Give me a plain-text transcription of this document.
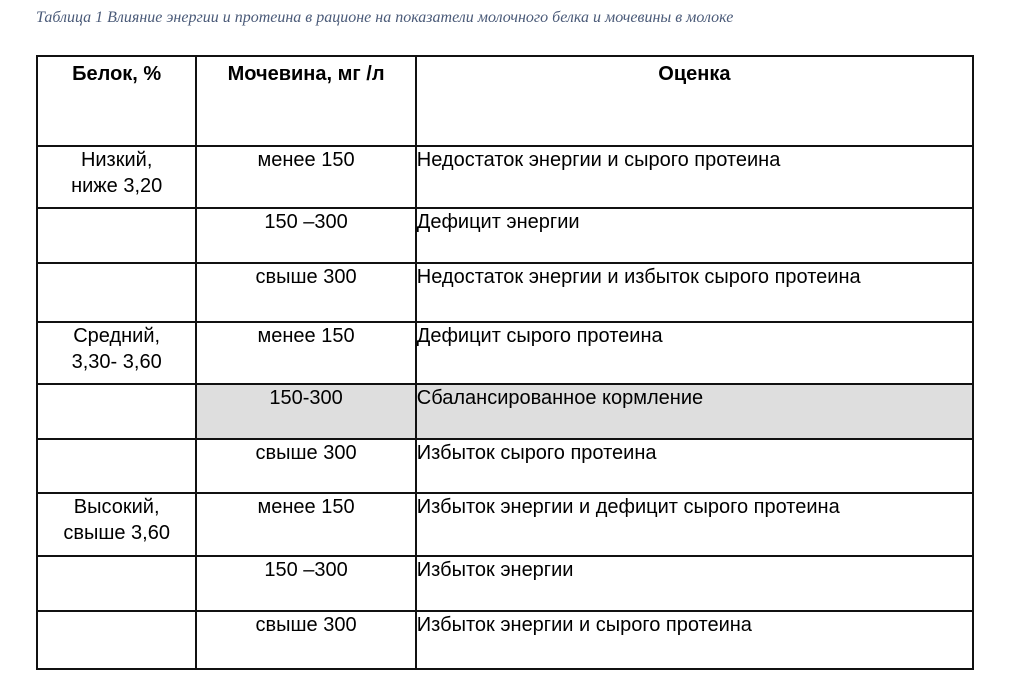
Таблица 1 Влияние энергии и протеина в рационе на показатели молочного белка и мочевины в молоке
Белок, %	Мочевина, мг /л	Оценка

Низкий,
ниже 3,20	менее 150	Недостаток энергии и сырого протеина

	150 –300	Дефицит энергии

	свыше 300	Недостаток энергии и избыток сырого протеина

Средний,
3,30- 3,60	менее 150	Дефицит сырого протеина

	150-300	Сбалансированное кормление

	свыше 300	Избыток сырого протеина

Высокий,
свыше 3,60	менее 150	Избыток энергии и дефицит сырого протеина

	150 –300	Избыток энергии

	свыше 300	Избыток энергии и сырого протеина
